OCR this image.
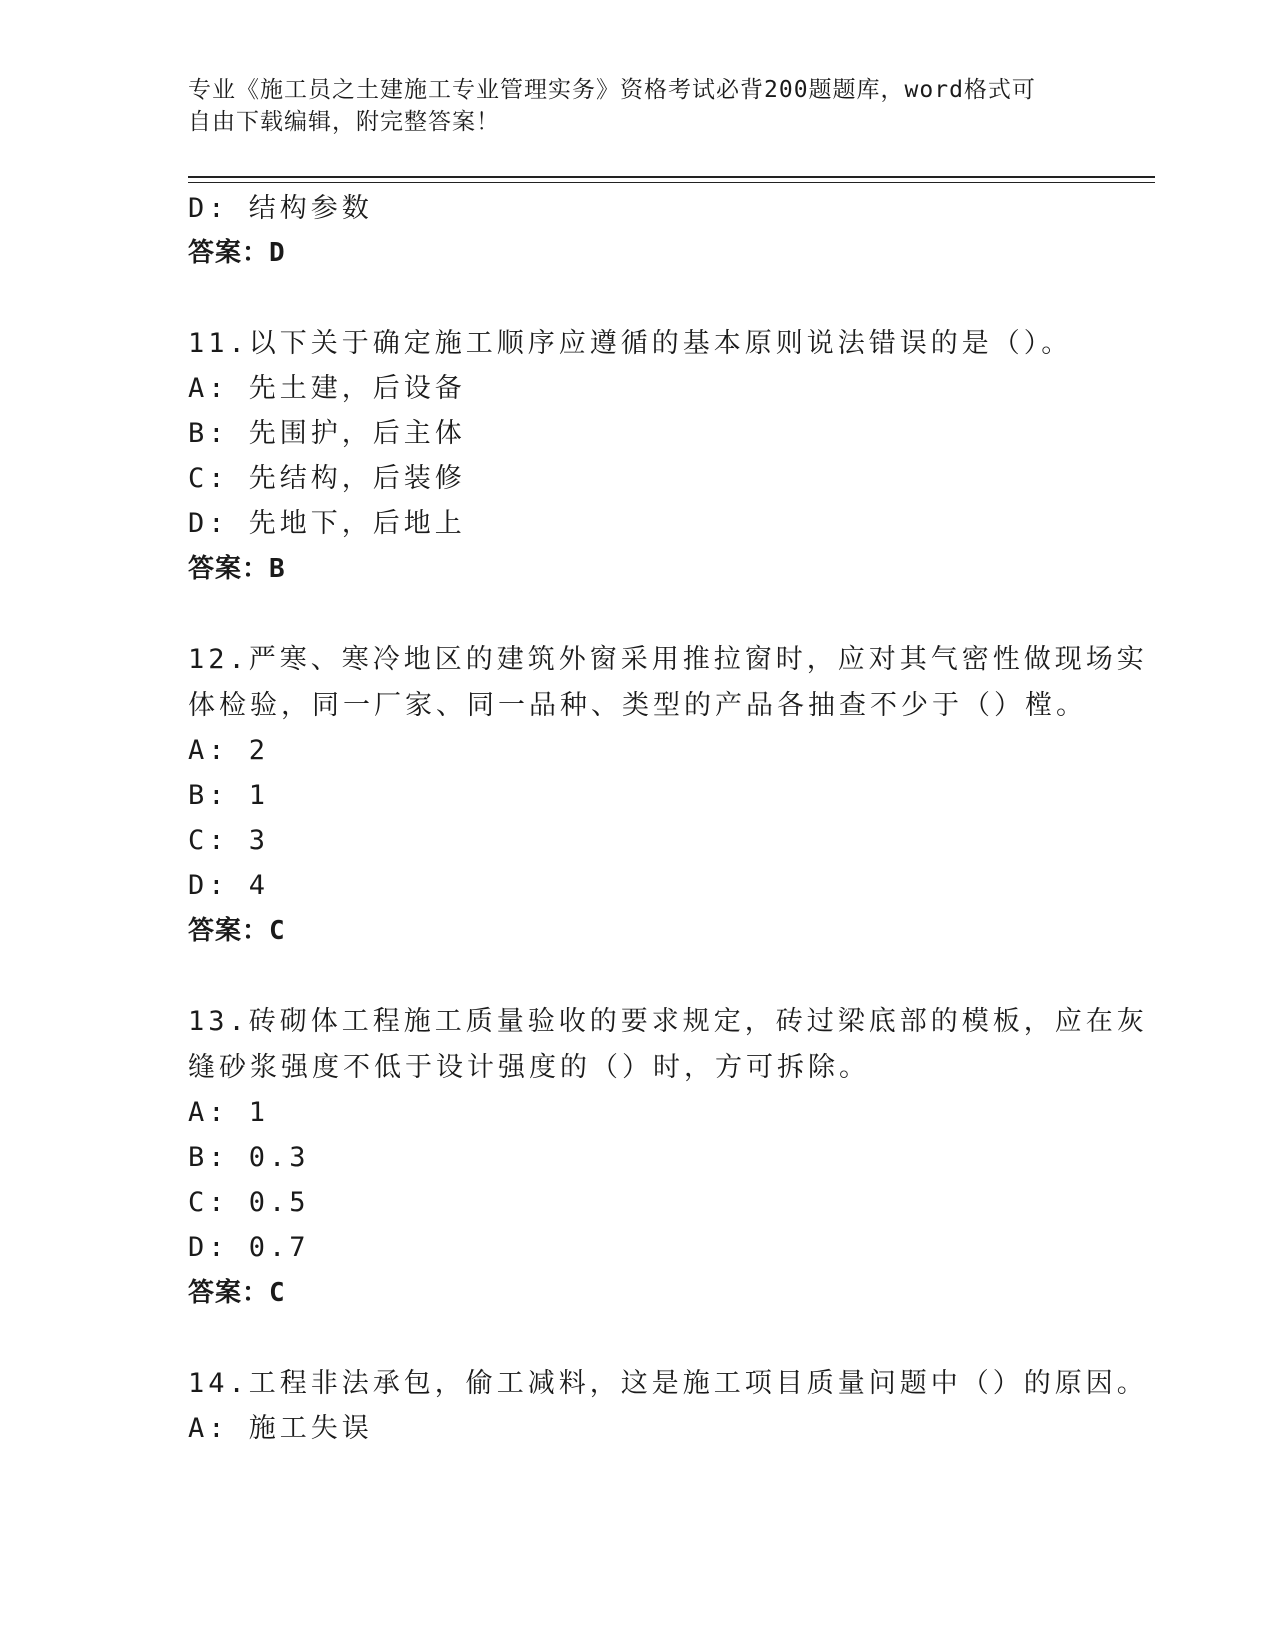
专业《施工员之土建施工专业管理实务》资格考试必背200题题库，word格式可
自由下载编辑，附完整答案！
D: 结构参数
答案：D
11.以下关于确定施工顺序应遵循的基本原则说法错误的是（）。
A: 先土建，后设备
B: 先围护，后主体
C: 先结构，后装修
D: 先地下，后地上
答案：B
12.严寒、寒冷地区的建筑外窗采用推拉窗时，应对其气密性做现场实
体检验，同一厂家、同一品种、类型的产品各抽查不少于（）樘。
A: 2
B: 1
C: 3
D: 4
答案：C
13.砖砌体工程施工质量验收的要求规定，砖过梁底部的模板，应在灰
缝砂浆强度不低于设计强度的（）时，方可拆除。
A: 1
B: 0.3
C: 0.5
D: 0.7
答案：C
14.工程非法承包，偷工减料，这是施工项目质量问题中（）的原因。
A: 施工失误
